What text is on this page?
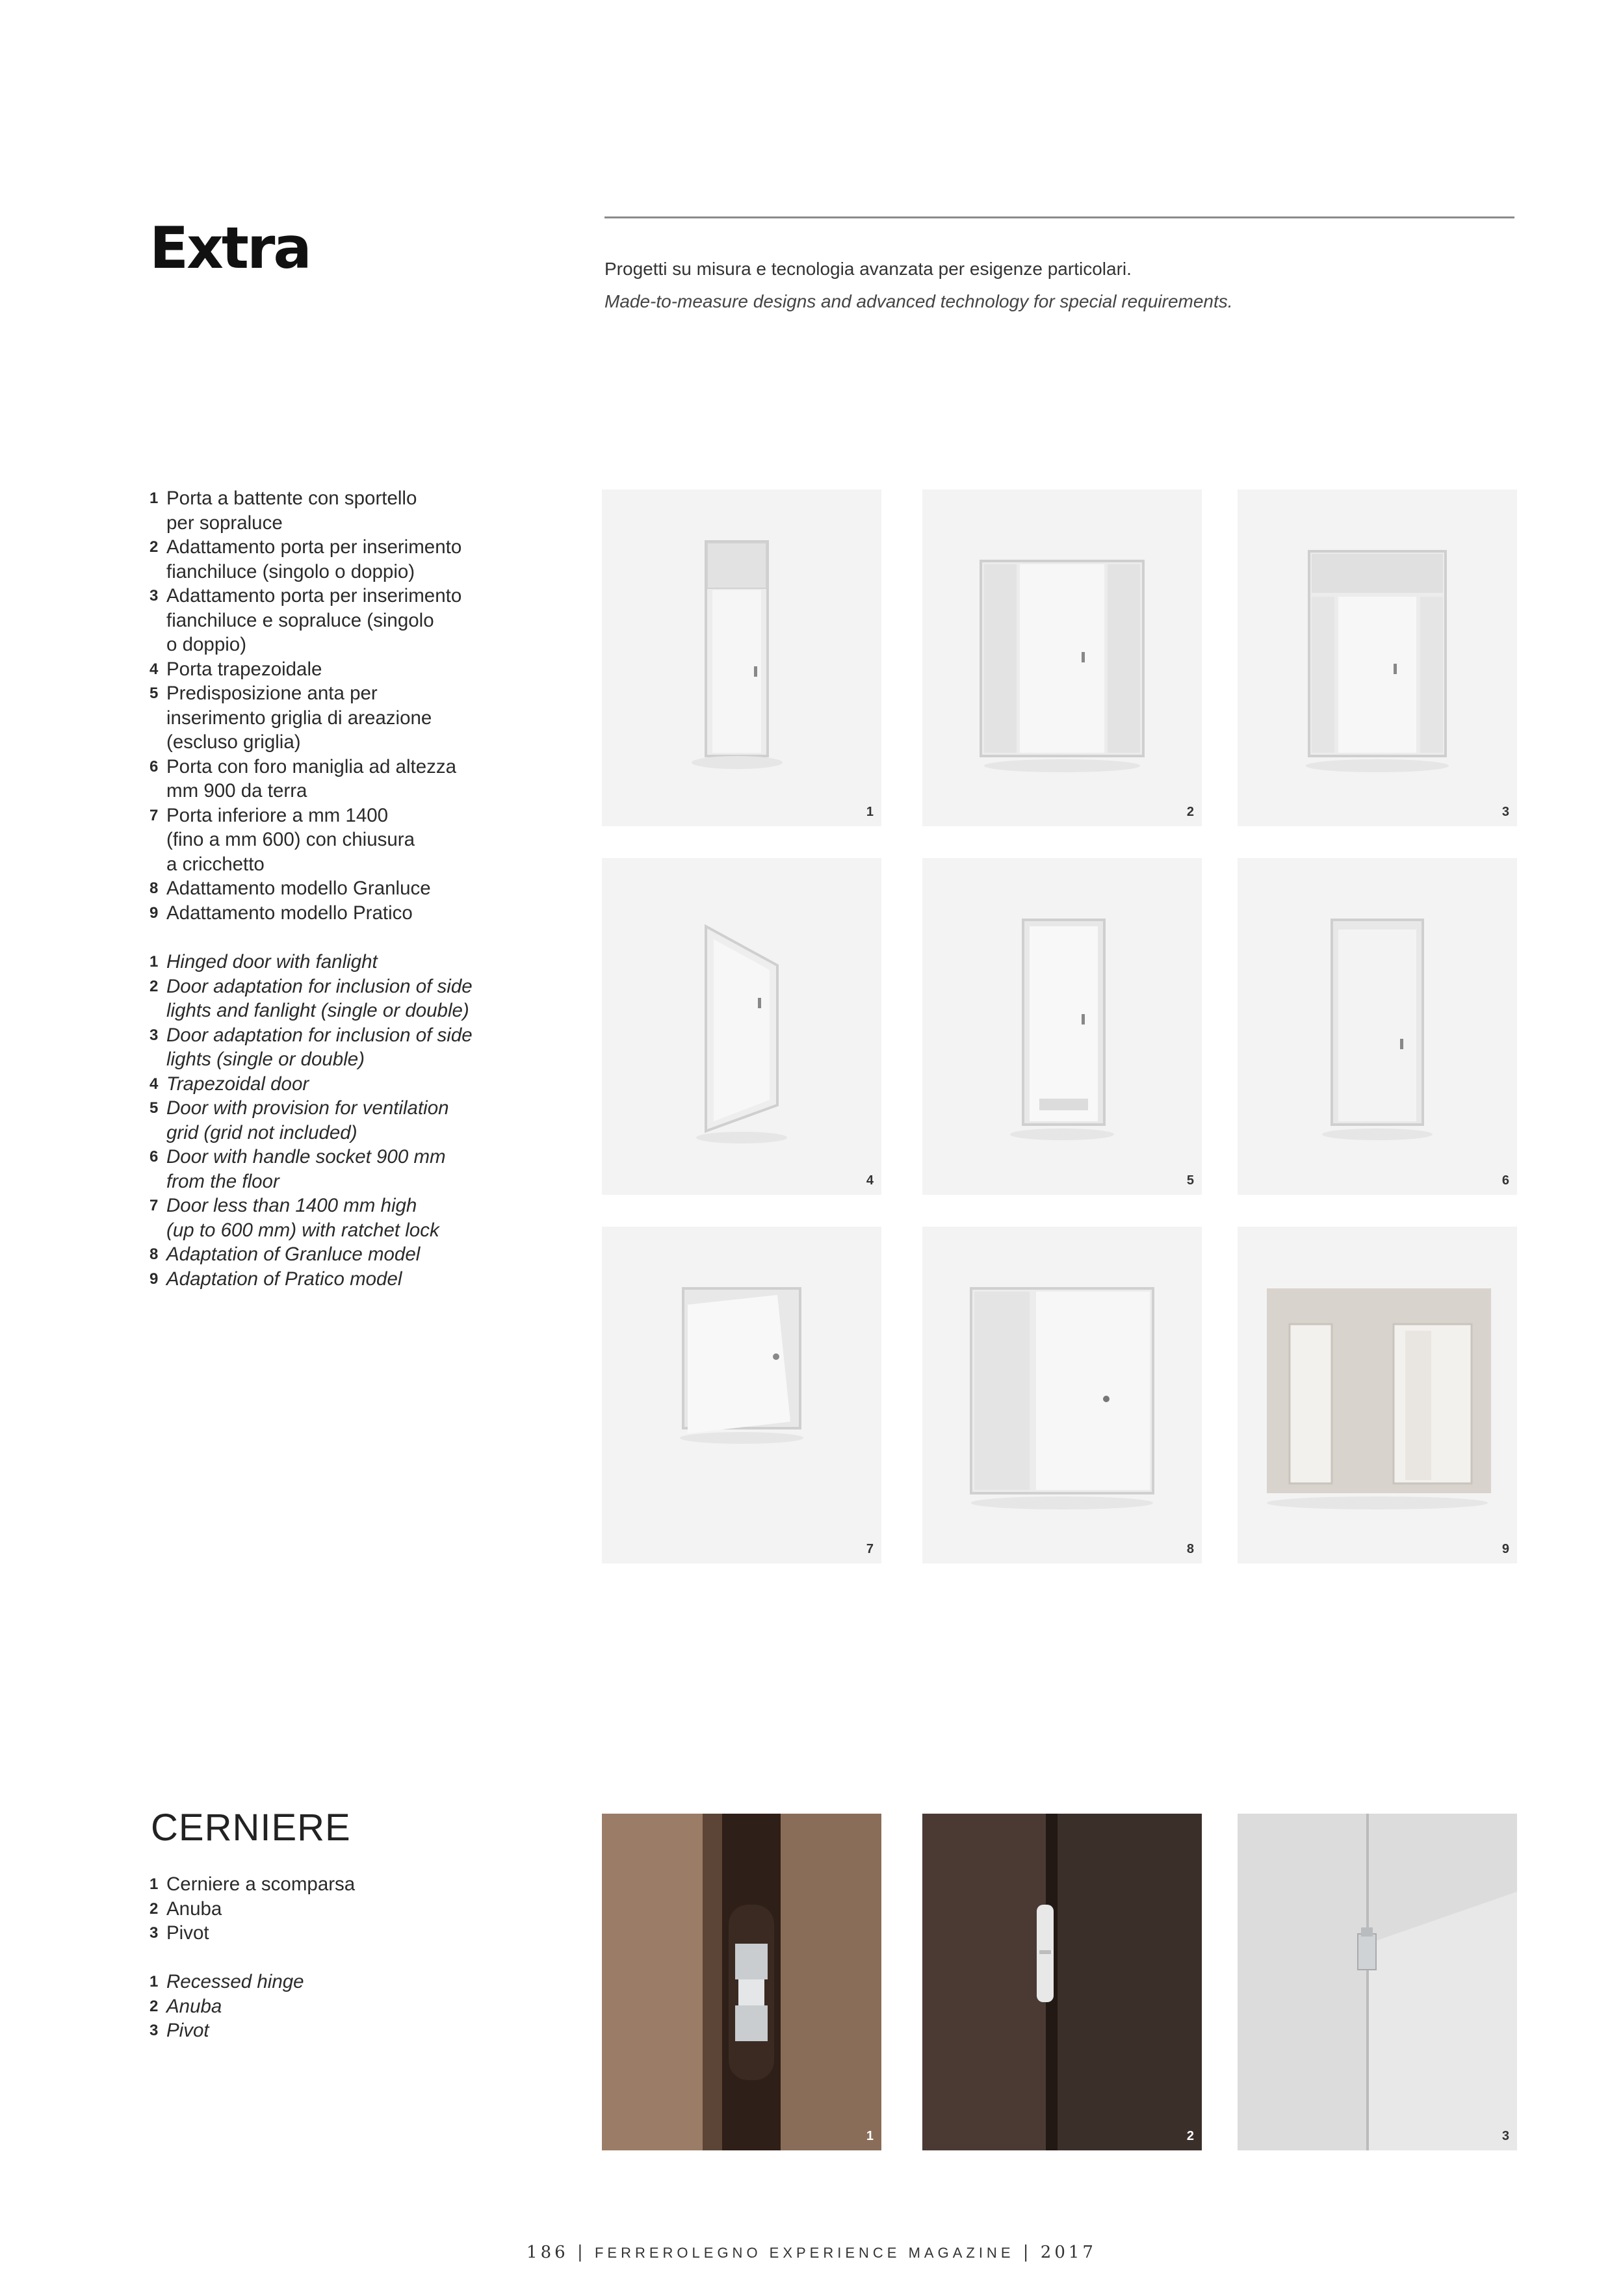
Extra	Progetti su misura e tecnologia avanzata per esigenze particolari.
Made-to-measure designs and advanced technology for special requirements.
1 Porta a battente con sportello
per sopraluce
2 Adattamento porta per inserimento
fianchiluce (singolo o doppio)
3 Adattamento porta per inserimento
fianchiluce e sopraluce (singolo
o doppio)
4 Porta trapezoidale
5 Predisposizione anta per
inserimento griglia di areazione
(escluso griglia)
6 Porta con foro maniglia ad altezza
mm 900 da terra
7 Porta inferiore a mm 1400
(fino a mm 600) con chiusura
a cricchetto
8 Adattamento modello Granluce
9 Adattamento modello Pratico
1 Hinged door with fanlight
2 Door adaptation for inclusion of side
lights and fanlight (single or double)
3 Door adaptation for inclusion of side
lights (single or double)
4 Trapezoidal door
5 Door with provision for ventilation
grid (grid not included)
6 Door with handle socket 900 mm
from the floor
7 Door less than 1400 mm high
(up to 600 mm) with ratchet lock
8 Adaptation of Granluce model
9 Adaptation of Pratico model
1	2	3
4	5	6
7	8	9
CERNIERE
1 Cerniere a scomparsa
2 Anuba
3 Pivot
1 Recessed hinge
2 Anuba
3 Pivot
1	2	3
186 | FERREROLEGNO EXPERIENCE MAGAZINE | 2017
